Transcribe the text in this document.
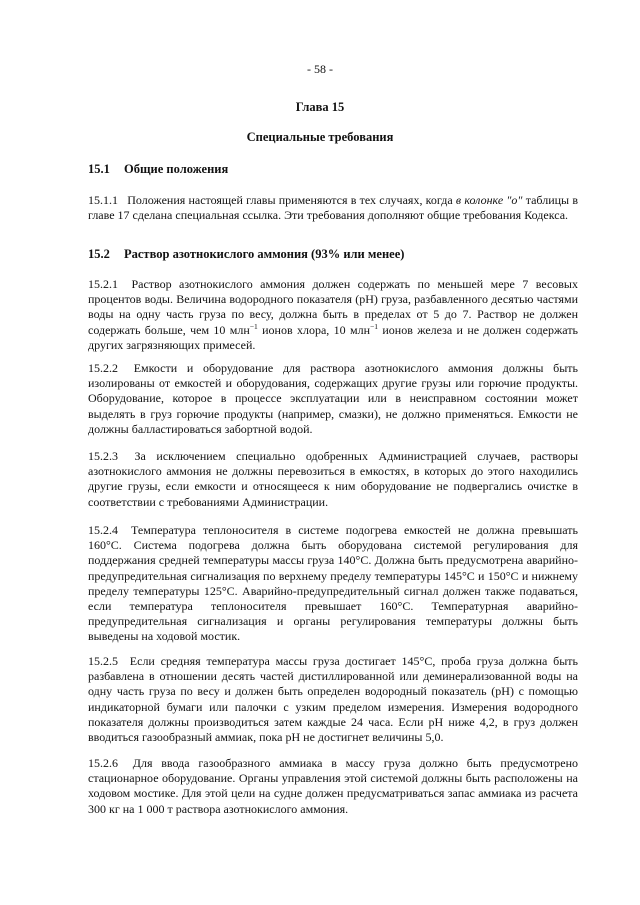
- 58 -
Глава 15
Специальные требования
15.1 Общие положения
15.1.1 Положения настоящей главы применяются в тех случаях, когда в колонке "о" таблицы в главе 17 сделана специальная ссылка. Эти требования дополняют общие требования Кодекса.
15.2 Раствор азотнокислого аммония (93% или менее)
15.2.1 Раствор азотнокислого аммония должен содержать по меньшей мере 7 весовых процентов воды. Величина водородного показателя (pH) груза, разбавленного десятью частями воды на одну часть груза по весу, должна быть в пределах от 5 до 7. Раствор не должен содержать больше, чем 10 млн$^{-1}$ ионов хлора, 10 млн$^{-1}$ ионов железа и не должен содержать других загрязняющих примесей.
15.2.2 Емкости и оборудование для раствора азотнокислого аммония должны быть изолированы от емкостей и оборудования, содержащих другие грузы или горючие продукты. Оборудование, которое в процессе эксплуатации или в неисправном состоянии может выделять в груз горючие продукты (например, смазки), не должно применяться. Емкости не должны балластироваться забортной водой.
15.2.3 За исключением специально одобренных Администрацией случаев, растворы азотнокислого аммония не должны перевозиться в емкостях, в которых до этого находились другие грузы, если емкости и относящееся к ним оборудование не подвергались очистке в соответствии с требованиями Администрации.
15.2.4 Температура теплоносителя в системе подогрева емкостей не должна превышать 160°С. Система подогрева должна быть оборудована системой регулирования для поддержания средней температуры массы груза 140°С. Должна быть предусмотрена аварийно-предупредительная сигнализация по верхнему пределу температуры 145°С и 150°С и нижнему пределу температуры 125°С. Аварийно-предупредительный сигнал должен также подаваться, если температура теплоносителя превышает 160°С. Температурная аварийно-предупредительная сигнализация и органы регулирования температуры должны быть выведены на ходовой мостик.
15.2.5 Если средняя температура массы груза достигает 145°С, проба груза должна быть разбавлена в отношении десять частей дистиллированной или деминерализованной воды на одну часть груза по весу и должен быть определен водородный показатель (pH) с помощью индикаторной бумаги или палочки с узким пределом измерения. Измерения водородного показателя должны производиться затем каждые 24 часа. Если pH ниже 4,2, в груз должен вводиться газообразный аммиак, пока pH не достигнет величины 5,0.
15.2.6 Для ввода газообразного аммиака в массу груза должно быть предусмотрено стационарное оборудование. Органы управления этой системой должны быть расположены на ходовом мостике. Для этой цели на судне должен предусматриваться запас аммиака из расчета 300 кг на 1 000 т раствора азотнокислого аммония.
